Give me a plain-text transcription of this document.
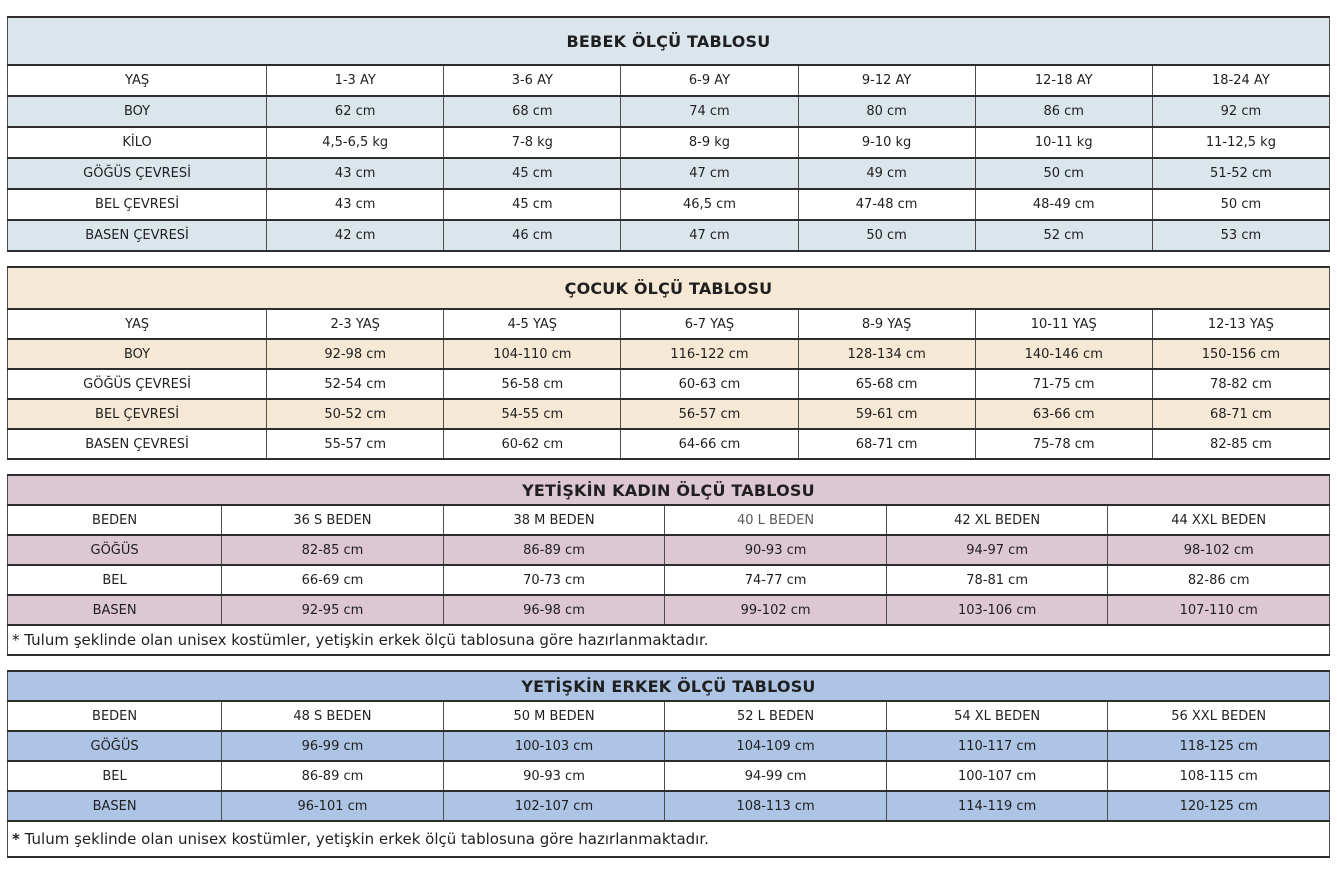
BEBEK ÖLÇÜ TABLOSU						
YAŞ	1-3 AY	3-6 AY	6-9 AY	9-12 AY	12-18 AY	18-24 AY
BOY	62 cm	68 cm	74 cm	80 cm	86 cm	92 cm
KİLO	4,5-6,5 kg	7-8 kg	8-9 kg	9-10 kg	10-11 kg	11-12,5 kg
GÖĞÜS ÇEVRESİ	43 cm	45 cm	47 cm	49 cm	50 cm	51-52 cm
BEL ÇEVRESİ	43 cm	45 cm	46,5 cm	47-48 cm	48-49 cm	50 cm
BASEN ÇEVRESİ	42 cm	46 cm	47 cm	50 cm	52 cm	53 cm
ÇOCUK ÖLÇÜ TABLOSU						
YAŞ	2-3 YAŞ	4-5 YAŞ	6-7 YAŞ	8-9 YAŞ	10-11 YAŞ	12-13 YAŞ
BOY	92-98 cm	104-110 cm	116-122 cm	128-134 cm	140-146 cm	150-156 cm
GÖĞÜS ÇEVRESİ	52-54 cm	56-58 cm	60-63 cm	65-68 cm	71-75 cm	78-82 cm
BEL ÇEVRESİ	50-52 cm	54-55 cm	56-57 cm	59-61 cm	63-66 cm	68-71 cm
BASEN ÇEVRESİ	55-57 cm	60-62 cm	64-66 cm	68-71 cm	75-78 cm	82-85 cm
YETİŞKİN KADIN ÖLÇÜ TABLOSU					
BEDEN	36 S BEDEN	38 M BEDEN	40 L BEDEN	42 XL BEDEN	44 XXL BEDEN
GÖĞÜS	82-85 cm	86-89 cm	90-93 cm	94-97 cm	98-102 cm
BEL	66-69 cm	70-73 cm	74-77 cm	78-81 cm	82-86 cm
BASEN	92-95 cm	96-98 cm	99-102 cm	103-106 cm	107-110 cm
* Tulum şeklinde olan unisex kostümler, yetişkin erkek ölçü tablosuna göre hazırlanmaktadır.					
YETİŞKİN ERKEK ÖLÇÜ TABLOSU					
BEDEN	48 S BEDEN	50 M BEDEN	52 L BEDEN	54 XL BEDEN	56 XXL BEDEN
GÖĞÜS	96-99 cm	100-103 cm	104-109 cm	110-117 cm	118-125 cm
BEL	86-89 cm	90-93 cm	94-99 cm	100-107 cm	108-115 cm
BASEN	96-101 cm	102-107 cm	108-113 cm	114-119 cm	120-125 cm
* Tulum şeklinde olan unisex kostümler, yetişkin erkek ölçü tablosuna göre hazırlanmaktadır.					
